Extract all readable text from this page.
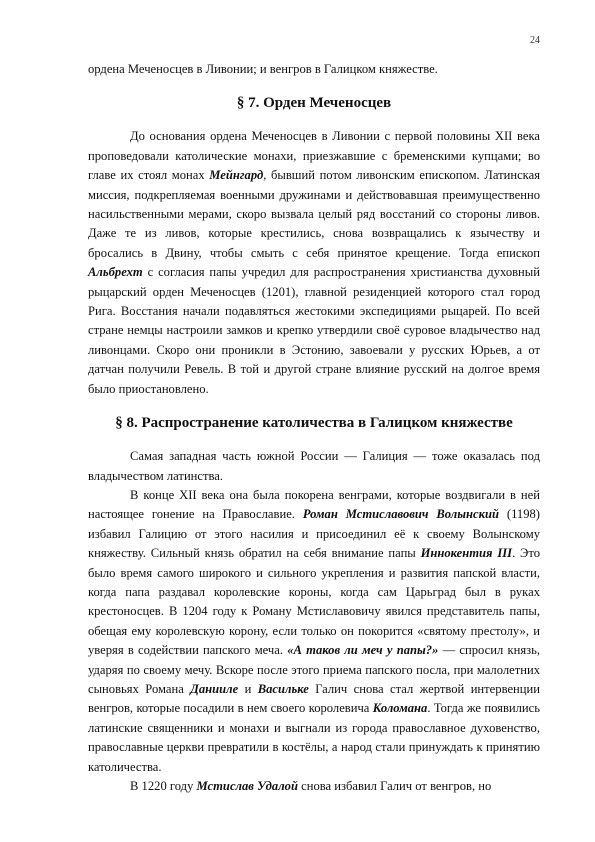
24

ордена Меченосцев в Ливонии; и венгров в Галицком княжестве.

§ 7. Орден Меченосцев

До основания ордена Меченосцев в Ливонии с первой половины XII века проповедовали католические монахи, приезжавшие с бременскими купцами; во главе их стоял монах Мейнгард, бывший потом ливонским епископом. Латинская миссия, подкрепляемая военными дружинами и действовавшая преимущественно насильственными мерами, скоро вызвала целый ряд восстаний со стороны ливов. Даже те из ливов, которые крестились, снова возвращались к язычеству и бросались в Двину, чтобы смыть с себя принятое крещение. Тогда епископ Альбрехт с согласия папы учредил для распространения христианства духовный рыцарский орден Меченосцев (1201), главной резиденцией которого стал город Рига. Восстания начали подавляться жестокими экспедициями рыцарей. По всей стране немцы настроили замков и крепко утвердили своё суровое владычество над ливонцами. Скоро они проникли в Эстонию, завоевали у русских Юрьев, а от датчан получили Ревель. В той и другой стране влияние русский на долгое время было приостановлено.

§ 8. Распространение католичества в Галицком княжестве

Самая западная часть южной России — Галиция — тоже оказалась под владычеством латинства.

В конце XII века она была покорена венграми, которые воздвигали в ней настоящее гонение на Православие. Роман Мстиславович Волынский (1198) избавил Галицию от этого насилия и присоединил её к своему Волынскому княжеству. Сильный князь обратил на себя внимание папы Иннокентия III. Это было время самого широкого и сильного укрепления и развития папской власти, когда папа раздавал королевские короны, когда сам Царьград был в руках крестоносцев. В 1204 году к Роману Мстиславовичу явился представитель папы, обещая ему королевскую корону, если только он покорится «святому престолу», и уверяя в содействии папского меча. «А таков ли меч у папы?» — спросил князь, ударяя по своему мечу. Вскоре после этого приема папского посла, при малолетних сыновьях Романа Данииле и Васильке Галич снова стал жертвой интервенции венгров, которые посадили в нем своего королевича Коломана. Тогда же появились латинские священники и монахи и выгнали из города православное духовенство, православные церкви превратили в костёлы, а народ стали принуждать к принятию католичества.

В 1220 году Мстислав Удалой снова избавил Галич от венгров, но
